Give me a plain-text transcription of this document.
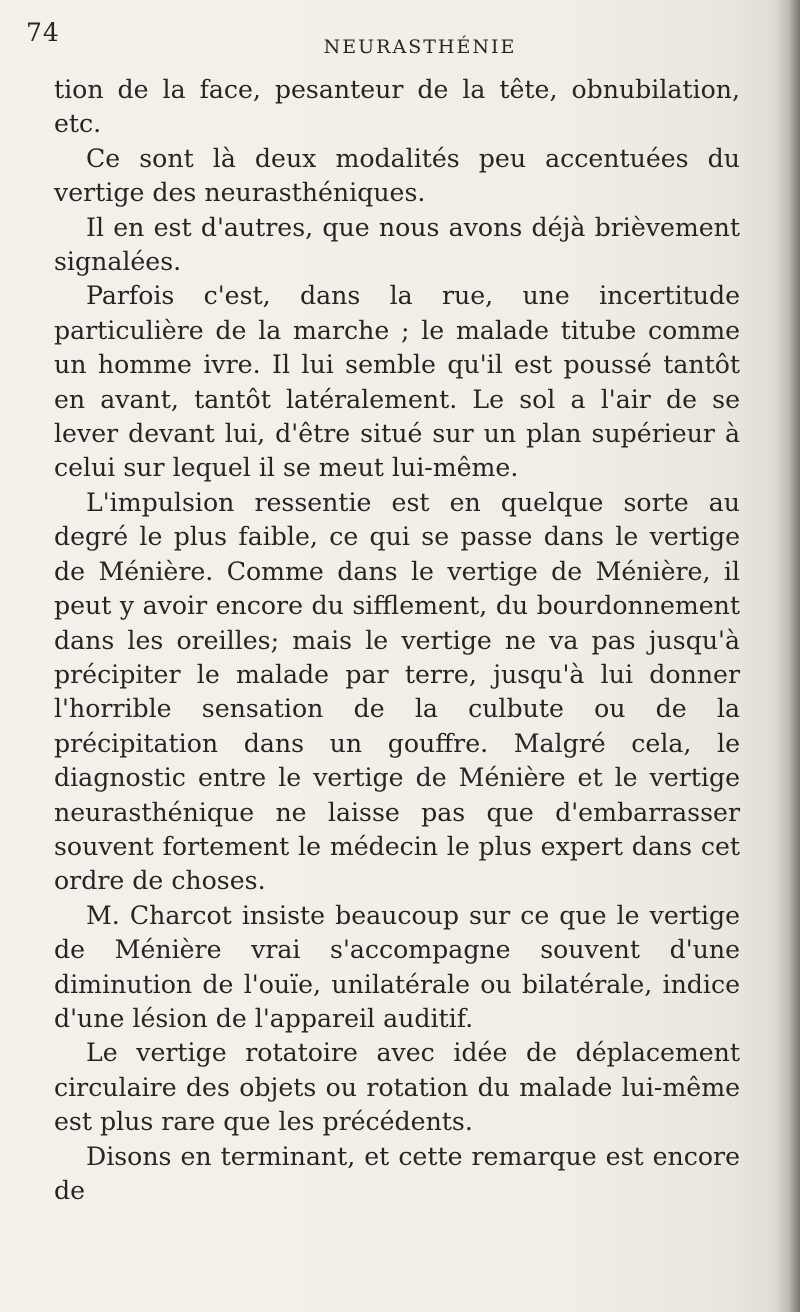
74	NEURASTHÉNIE

tion de la face, pesanteur de la tête, obnubilation, etc.

Ce sont là deux modalités peu accentuées du vertige des neurasthéniques.

Il en est d'autres, que nous avons déjà brièvement signalées.

Parfois c'est, dans la rue, une incertitude particulière de la marche ; le malade titube comme un homme ivre. Il lui semble qu'il est poussé tantôt en avant, tantôt latéralement. Le sol a l'air de se lever devant lui, d'être situé sur un plan supérieur à celui sur lequel il se meut lui-même.

L'impulsion ressentie est en quelque sorte au degré le plus faible, ce qui se passe dans le vertige de Ménière. Comme dans le vertige de Ménière, il peut y avoir encore du sifflement, du bourdonnement dans les oreilles; mais le vertige ne va pas jusqu'à précipiter le malade par terre, jusqu'à lui donner l'horrible sensation de la culbute ou de la précipitation dans un gouffre. Malgré cela, le diagnostic entre le vertige de Ménière et le vertige neurasthénique ne laisse pas que d'embarrasser souvent fortement le médecin le plus expert dans cet ordre de choses.

M. Charcot insiste beaucoup sur ce que le vertige de Ménière vrai s'accompagne souvent d'une diminution de l'ouïe, unilatérale ou bilatérale, indice d'une lésion de l'appareil auditif.

Le vertige rotatoire avec idée de déplacement circulaire des objets ou rotation du malade lui-même est plus rare que les précédents.

Disons en terminant, et cette remarque est encore de
